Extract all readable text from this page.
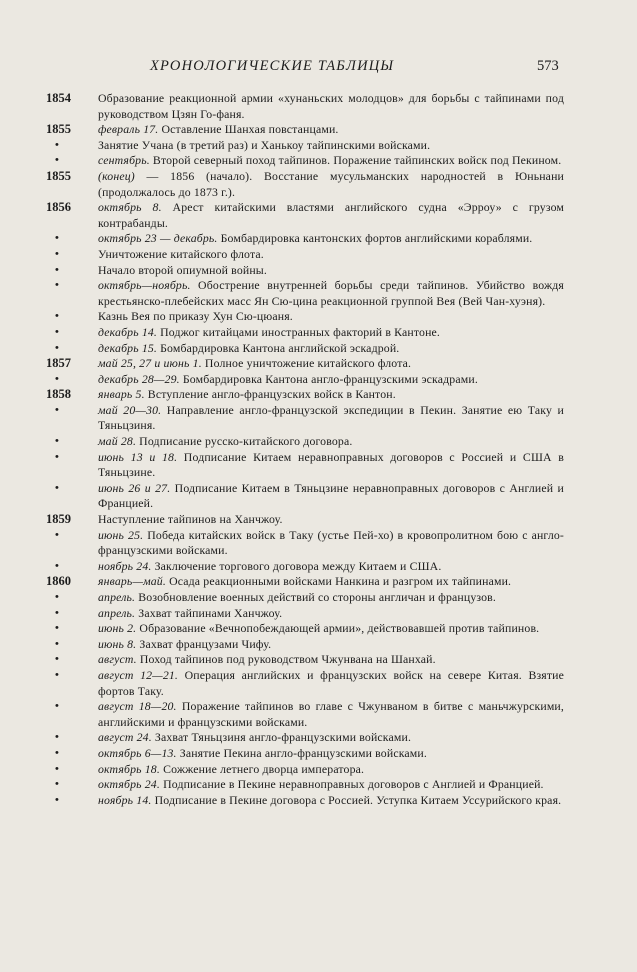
ХРОНОЛОГИЧЕСКИЕ ТАБЛИЦЫ	573
1854	Образование реакционной армии «хунаньских молодцов» для борьбы с тайпинами под руководством Цзян Го-фаня.
1855	февраль 17. Оставление Шанхая повстанцами.
•	Занятие Учана (в третий раз) и Ханькоу тайпинскими войсками.
•	сентябрь. Второй северный поход тайпинов. Поражение тайпинских войск под Пекином.
1855	(конец) — 1856 (начало). Восстание мусульманских народностей в Юньнани (продолжалось до 1873 г.).
1856	октябрь 8. Арест китайскими властями английского судна «Эрроу» с грузом контрабанды.
•	октябрь 23 — декабрь. Бомбардировка кантонских фортов английскими кораблями.
•	Уничтожение китайского флота.
•	Начало второй опиумной войны.
•	октябрь—ноябрь. Обострение внутренней борьбы среди тайпинов. Убийство вождя крестьянско-плебейских масс Ян Сю-цина реакционной группой Вея (Вей Чан-хуэня).
•	Казнь Вея по приказу Хун Сю-цюаня.
•	декабрь 14. Поджог китайцами иностранных факторий в Кантоне.
•	декабрь 15. Бомбардировка Кантона английской эскадрой.
1857	май 25, 27 и июнь 1. Полное уничтожение китайского флота.
•	декабрь 28—29. Бомбардировка Кантона англо-французскими эскадрами.
1858	январь 5. Вступление англо-французских войск в Кантон.
•	май 20—30. Направление англо-французской экспедиции в Пекин. Занятие ею Таку и Тяньцзиня.
•	май 28. Подписание русско-китайского договора.
•	июнь 13 и 18. Подписание Китаем неравноправных договоров с Россией и США в Тяньцзине.
•	июнь 26 и 27. Подписание Китаем в Тяньцзине неравноправных договоров с Англией и Францией.
1859	Наступление тайпинов на Ханчжоу.
•	июнь 25. Победа китайских войск в Таку (устье Пей-хо) в кровопролитном бою с англо-французскими войсками.
•	ноябрь 24. Заключение торгового договора между Китаем и США.
1860	январь—май. Осада реакционными войсками Нанкина и разгром их тайпинами.
•	апрель. Возобновление военных действий со стороны англичан и французов.
•	апрель. Захват тайпинами Ханчжоу.
•	июнь 2. Образование «Вечнопобеждающей армии», действовавшей против тайпинов.
•	июнь 8. Захват французами Чифу.
•	август. Поход тайпинов под руководством Чжунвана на Шанхай.
•	август 12—21. Операция английских и французских войск на севере Китая. Взятие фортов Таку.
•	август 18—20. Поражение тайпинов во главе с Чжунваном в битве с маньчжурскими, английскими и французскими войсками.
•	август 24. Захват Тяньцзиня англо-французскими войсками.
•	октябрь 6—13. Занятие Пекина англо-французскими войсками.
•	октябрь 18. Сожжение летнего дворца императора.
•	октябрь 24. Подписание в Пекине неравноправных договоров с Англией и Францией.
•	ноябрь 14. Подписание в Пекине договора с Россией. Уступка Китаем Уссурийского края.
